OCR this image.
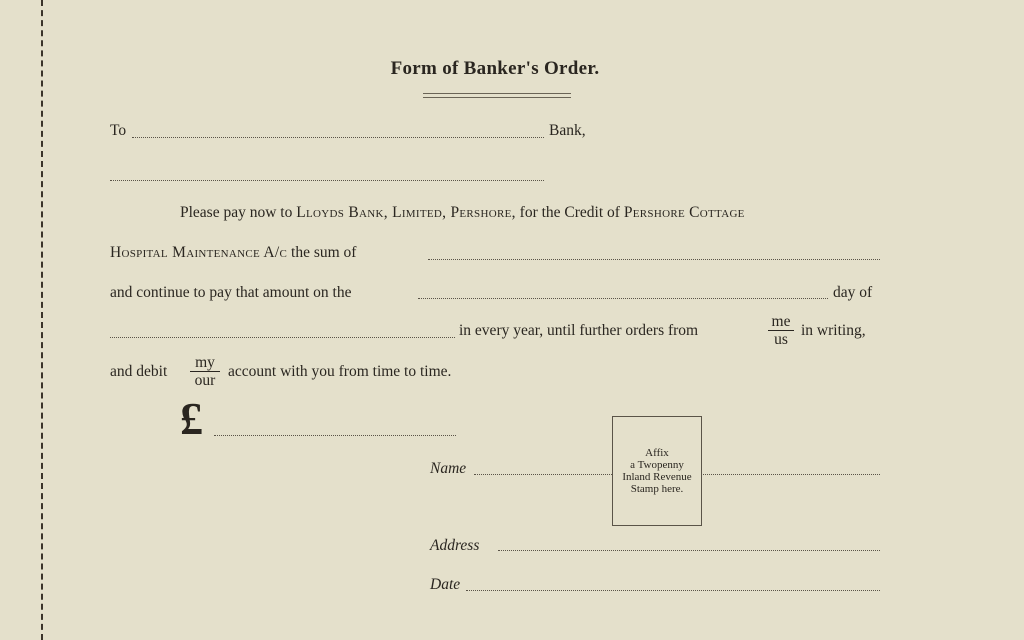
Form of Banker's Order.
To	Bank,
Please pay now to Lloyds Bank, Limited, Pershore, for the Credit of Pershore Cottage
Hospital Maintenance A/c the sum of
and continue to pay that amount on the	day of
in every year, until further orders from	$\frac{me}{us}$ in writing,
and debit
my
our
account with you from time to time.
£
Affix
a Twopenny
Inland Revenue
Stamp here.
Name
Address
Date
